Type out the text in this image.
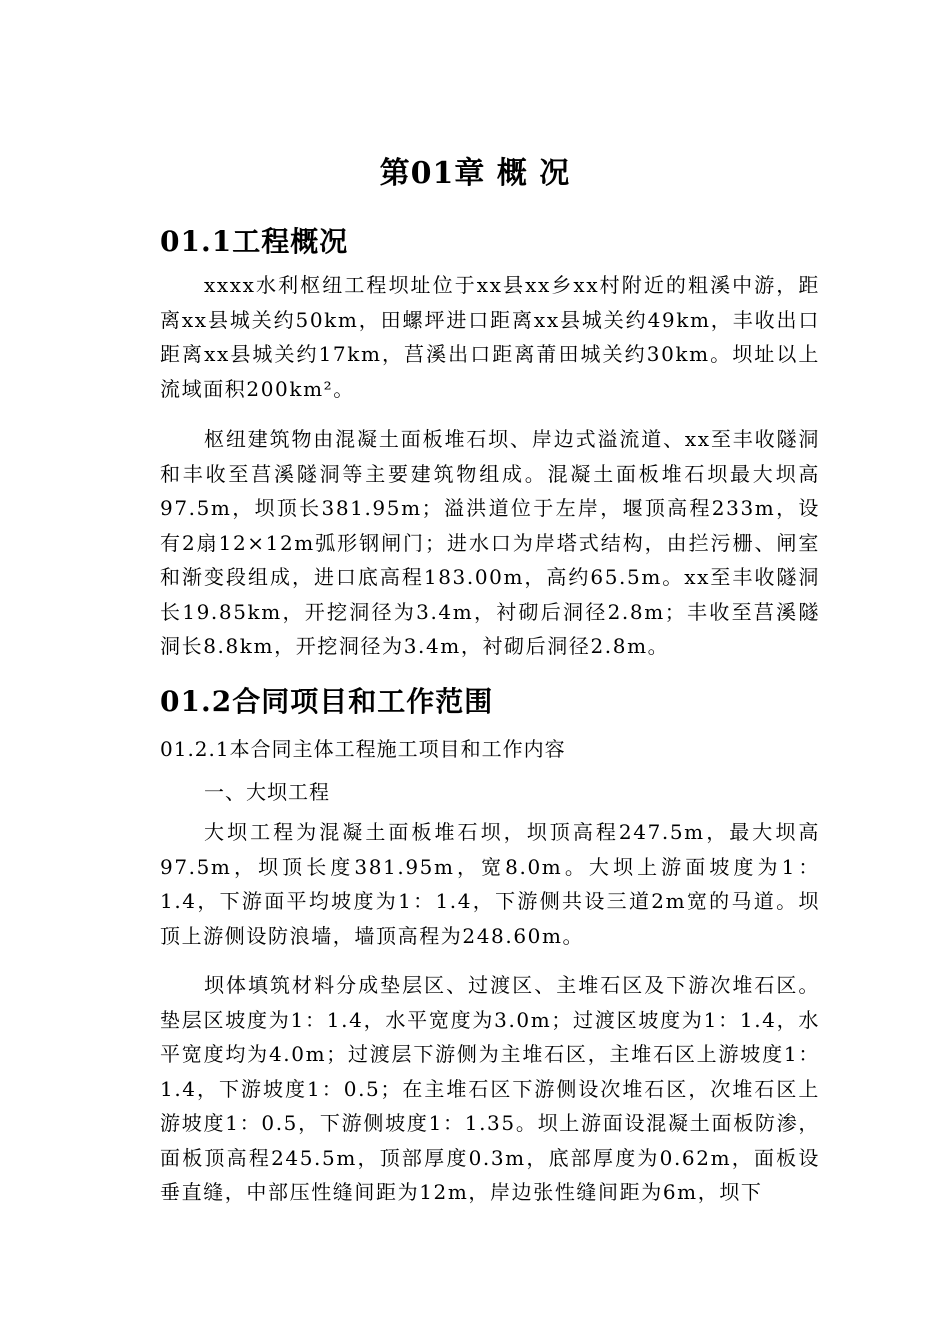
第01章 概 况
01.1工程概况

xxxx水利枢纽工程坝址位于xx县xx乡xx村附近的粗溪中游，距离xx县城关约50km，田螺坪进口距离xx县城关约49km，丰收出口距离xx县城关约17km，莒溪出口距离莆田城关约30km。坝址以上流域面积200km²。

枢纽建筑物由混凝土面板堆石坝、岸边式溢流道、xx至丰收隧洞和丰收至莒溪隧洞等主要建筑物组成。混凝土面板堆石坝最大坝高97.5m，坝顶长381.95m；溢洪道位于左岸，堰顶高程233m，设有2扇12×12m弧形钢闸门；进水口为岸塔式结构，由拦污栅、闸室和渐变段组成，进口底高程183.00m，高约65.5m。xx至丰收隧洞长19.85km，开挖洞径为3.4m，衬砌后洞径2.8m；丰收至莒溪隧洞长8.8km，开挖洞径为3.4m，衬砌后洞径2.8m。

01.2合同项目和工作范围
01.2.1本合同主体工程施工项目和工作内容
一、大坝工程

大坝工程为混凝土面板堆石坝，坝顶高程247.5m，最大坝高97.5m，坝顶长度381.95m，宽8.0m。大坝上游面坡度为1：1.4，下游面平均坡度为1：1.4，下游侧共设三道2m宽的马道。坝顶上游侧设防浪墙，墙顶高程为248.60m。

坝体填筑材料分成垫层区、过渡区、主堆石区及下游次堆石区。垫层区坡度为1：1.4，水平宽度为3.0m；过渡区坡度为1：1.4，水平宽度均为4.0m；过渡层下游侧为主堆石区，主堆石区上游坡度1：1.4，下游坡度1：0.5；在主堆石区下游侧设次堆石区，次堆石区上游坡度1：0.5，下游侧坡度1：1.35。坝上游面设混凝土面板防渗，面板顶高程245.5m，顶部厚度0.3m，底部厚度为0.62m，面板设垂直缝，中部压性缝间距为12m，岸边张性缝间距为6m，坝下
